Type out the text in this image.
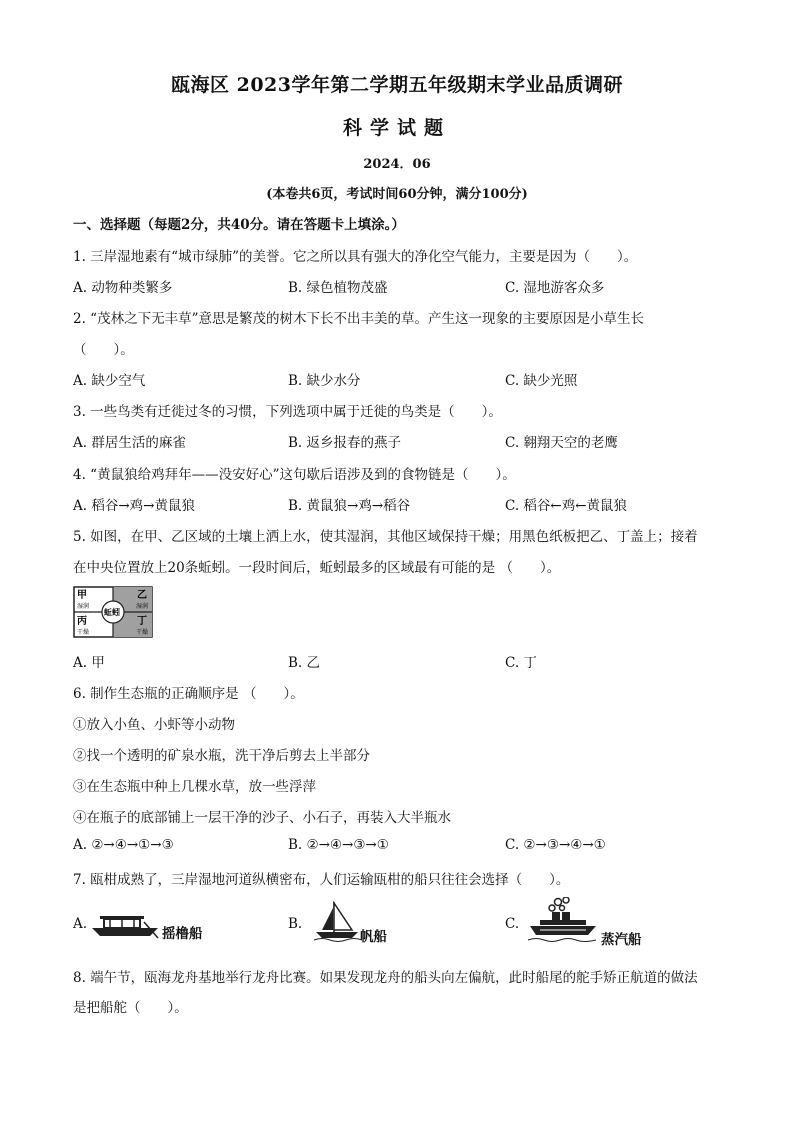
瓯海区 2023学年第二学期五年级期末学业品质调研
科学试题
2024．06
(本卷共6页，考试时间60分钟，满分100分)
一、选择题（每题2分，共40分。请在答题卡上填涂。）
1. 三岸湿地素有“城市绿肺”的美誉。它之所以具有强大的净化空气能力，主要是因为（　　）。
A. 动物种类繁多	B. 绿色植物茂盛	C. 湿地游客众多
2. “茂林之下无丰草”意思是繁茂的树木下长不出丰美的草。产生这一现象的主要原因是小草生长
（　　）。
A. 缺少空气	B. 缺少水分	C. 缺少光照
3. 一些鸟类有迁徙过冬的习惯，下列选项中属于迁徙的鸟类是（　　）。
A. 群居生活的麻雀	B. 返乡报春的燕子	C. 翱翔天空的老鹰
4. “黄鼠狼给鸡拜年——没安好心”这句歇后语涉及到的食物链是（　　）。
A. 稻谷→鸡→黄鼠狼	B. 黄鼠狼→鸡→稻谷	C. 稻谷←鸡←黄鼠狼
5. 如图，在甲、乙区域的土壤上洒上水，使其湿润，其他区域保持干燥；用黑色纸板把乙、丁盖上；接着
在中央位置放上20条蚯蚓。一段时间后，蚯蚓最多的区域最有可能的是 （　　）。
甲
湿润
乙
湿润
丙
干燥
丁
干燥
蚯蚓
A. 甲	B. 乙	C. 丁
6. 制作生态瓶的正确顺序是 （　　）。
①放入小鱼、小虾等小动物
②找一个透明的矿泉水瓶，洗干净后剪去上半部分
③在生态瓶中种上几棵水草，放一些浮萍
④在瓶子的底部铺上一层干净的沙子、小石子，再装入大半瓶水
A. ②→④→①→③	B. ②→④→③→①	C. ②→③→④→①
7. 瓯柑成熟了，三岸湿地河道纵横密布，人们运输瓯柑的船只往往会选择（　　）。
A.
摇橹船
B.
帆船
C.
蒸汽船
8. 端午节，瓯海龙舟基地举行龙舟比赛。如果发现龙舟的船头向左偏航，此时船尾的舵手矫正航道的做法
是把船舵（　　）。
